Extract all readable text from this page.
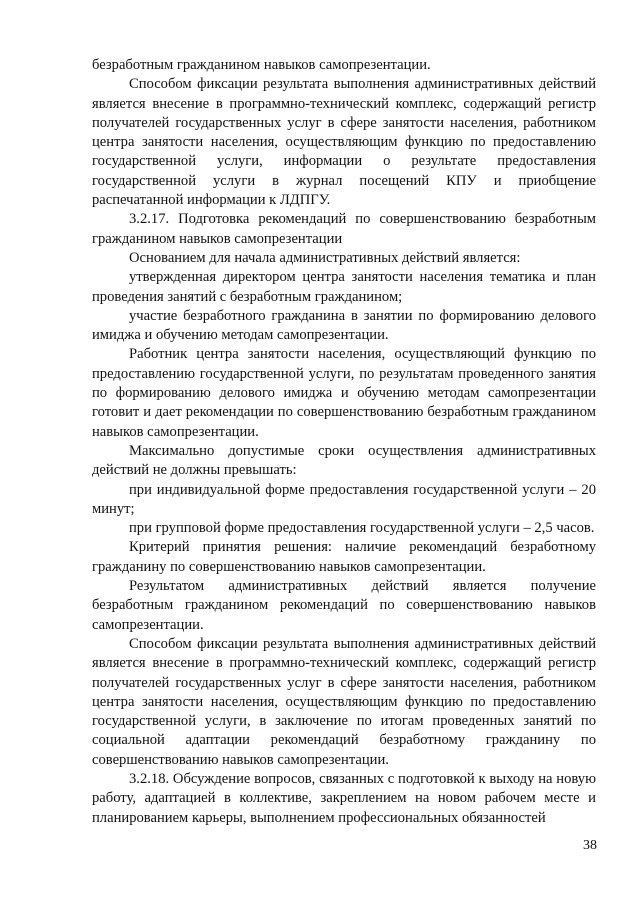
безработным гражданином навыков самопрезентации.

Способом фиксации результата выполнения административных действий является внесение в программно-технический комплекс, содержащий регистр получателей государственных услуг в сфере занятости населения, работником центра занятости населения, осуществляющим функцию по предоставлению государственной услуги, информации о результате предоставления государственной услуги в журнал посещений КПУ и приобщение распечатанной информации к ЛДПГУ.

3.2.17. Подготовка рекомендаций по совершенствованию безработным гражданином навыков самопрезентации

Основанием для начала административных действий является:

утвержденная директором центра занятости населения тематика и план проведения занятий с безработным гражданином;

участие безработного гражданина в занятии по формированию делового имиджа и обучению методам самопрезентации.

Работник центра занятости населения, осуществляющий функцию по предоставлению государственной услуги, по результатам проведенного занятия по формированию делового имиджа и обучению методам самопрезентации готовит и дает рекомендации по совершенствованию безработным гражданином навыков самопрезентации.

Максимально допустимые сроки осуществления административных действий не должны превышать:

при индивидуальной форме предоставления государственной услуги – 20 минут;

при групповой форме предоставления государственной услуги – 2,5 часов.

Критерий принятия решения: наличие рекомендаций безработному гражданину по совершенствованию навыков самопрезентации.

Результатом административных действий является получение безработным гражданином рекомендаций по совершенствованию навыков самопрезентации.

Способом фиксации результата выполнения административных действий является внесение в программно-технический комплекс, содержащий регистр получателей государственных услуг в сфере занятости населения, работником центра занятости населения, осуществляющим функцию по предоставлению государственной услуги, в заключение по итогам проведенных занятий по социальной адаптации рекомендаций безработному гражданину по совершенствованию навыков самопрезентации.

3.2.18. Обсуждение вопросов, связанных с подготовкой к выходу на новую работу, адаптацией в коллективе, закреплением на новом рабочем месте и планированием карьеры, выполнением профессиональных обязанностей

38
